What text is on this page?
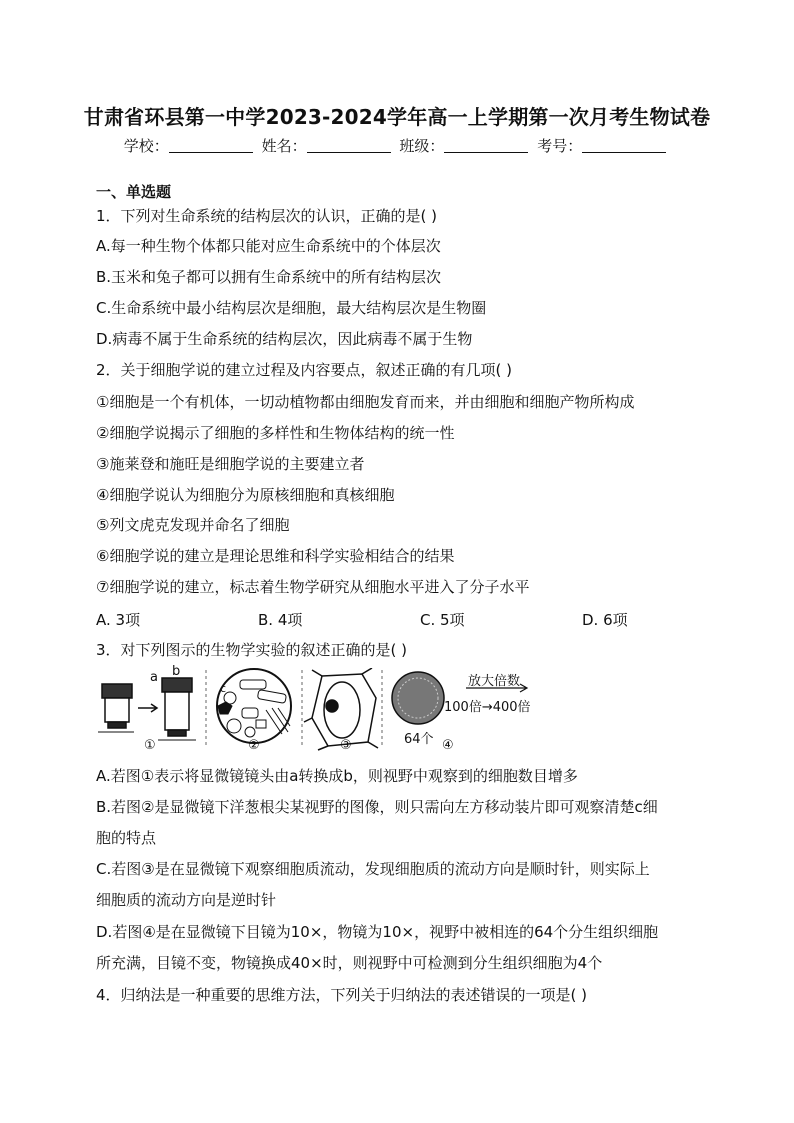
甘肃省环县第一中学2023-2024学年高一上学期第一次月考生物试卷
学校：	姓名：	班级：	考号：
一、单选题
1．下列对生命系统的结构层次的认识，正确的是( )
A.每一种生物个体都只能对应生命系统中的个体层次
B.玉米和兔子都可以拥有生命系统中的所有结构层次
C.生命系统中最小结构层次是细胞，最大结构层次是生物圈
D.病毒不属于生命系统的结构层次，因此病毒不属于生物
2．关于细胞学说的建立过程及内容要点，叙述正确的有几项( )
①细胞是一个有机体，一切动植物都由细胞发育而来，并由细胞和细胞产物所构成
②细胞学说揭示了细胞的多样性和生物体结构的统一性
③施莱登和施旺是细胞学说的主要建立者
④细胞学说认为细胞分为原核细胞和真核细胞
⑤列文虎克发现并命名了细胞
⑥细胞学说的建立是理论思维和科学实验相结合的结果
⑦细胞学说的建立，标志着生物学研究从细胞水平进入了分子水平
A. 3项	B. 4项	C. 5项	D. 6项
3．对下列图示的生物学实验的叙述正确的是( )
a b
c	放大倍数
100倍→400倍
64个
①	②	③	④
A.若图①表示将显微镜镜头由a转换成b，则视野中观察到的细胞数目增多
B.若图②是显微镜下洋葱根尖某视野的图像，则只需向左方移动装片即可观察清楚c细
胞的特点
C.若图③是在显微镜下观察细胞质流动，发现细胞质的流动方向是顺时针，则实际上
细胞质的流动方向是逆时针
D.若图④是在显微镜下目镜为10×，物镜为10×，视野中被相连的64个分生组织细胞
所充满，目镜不变，物镜换成40×时，则视野中可检测到分生组织细胞为4个
4．归纳法是一种重要的思维方法，下列关于归纳法的表述错误的一项是( )
